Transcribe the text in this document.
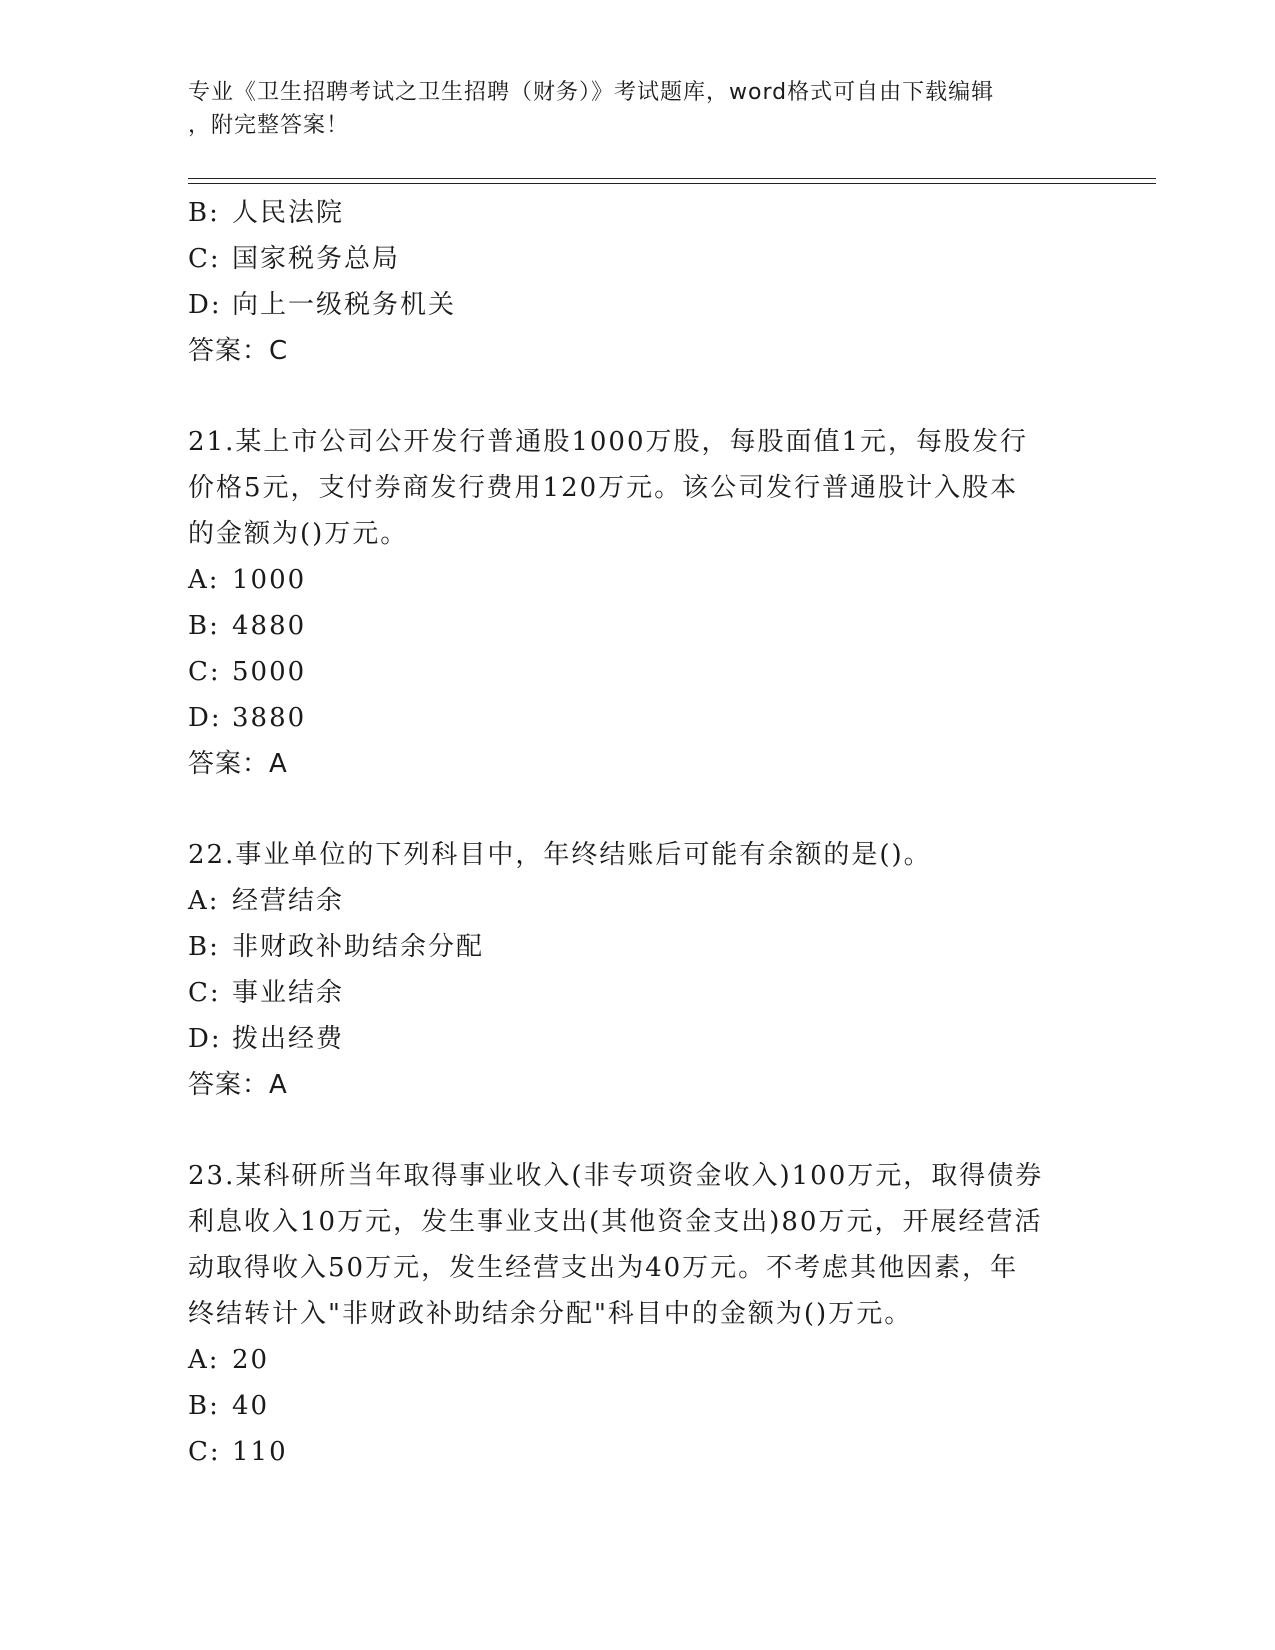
专业《卫生招聘考试之卫生招聘（财务）》考试题库，word格式可自由下载编辑
，附完整答案！
B: 人民法院
C: 国家税务总局
D: 向上一级税务机关
答案：C
21.某上市公司公开发行普通股1000万股，每股面值1元，每股发行
价格5元，支付券商发行费用120万元。该公司发行普通股计入股本
的金额为()万元。
A: 1000
B: 4880
C: 5000
D: 3880
答案：A
22.事业单位的下列科目中，年终结账后可能有余额的是()。
A: 经营结余
B: 非财政补助结余分配
C: 事业结余
D: 拨出经费
答案：A
23.某科研所当年取得事业收入(非专项资金收入)100万元，取得债券
利息收入10万元，发生事业支出(其他资金支出)80万元，开展经营活
动取得收入50万元，发生经营支出为40万元。不考虑其他因素，年
终结转计入"非财政补助结余分配"科目中的金额为()万元。
A: 20
B: 40
C: 110
